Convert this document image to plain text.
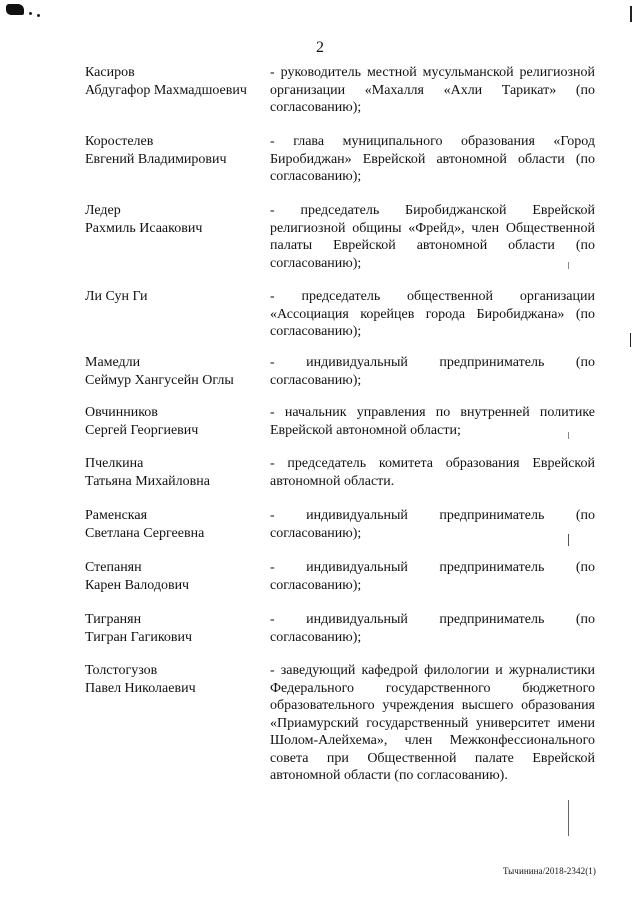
2
Касиров
Абдугафор Махмадшоевич
- руководитель местной мусульманской религиозной организации «Махалля «Ахли Тарикат» (по согласованию);
Коростелев
Евгений Владимирович
- глава муниципального образования «Город Биробиджан» Еврейской автономной области (по согласованию);
Ледер
Рахмиль Исаакович
- председатель Биробиджанской Еврейской религиозной общины «Фрейд», член Общественной палаты Еврейской автономной области (по согласованию);
Ли Сун Ги	- председатель общественной организации «Ассоциация корейцев города Биробиджана» (по согласованию);
Мамедли
Сеймур Хангусейн Оглы
- индивидуальный предприниматель (по согласованию);
Овчинников
Сергей Георгиевич
- начальник управления по внутренней политике Еврейской автономной области;
Пчелкина
Татьяна Михайловна
- председатель комитета образования Еврейской автономной области.
Раменская
Светлана Сергеевна
- индивидуальный предприниматель (по согласованию);
Степанян
Карен Валодович
- индивидуальный предприниматель (по согласованию);
Тигранян
Тигран Гагикович
- индивидуальный предприниматель (по согласованию);
Толстогузов
Павел Николаевич
- заведующий кафедрой филологии и журналистики Федерального государственного бюджетного образовательного учреждения высшего образования «Приамурский государственный университет имени Шолом-Алейхема», член Межконфессионального совета при Общественной палате Еврейской автономной области (по согласованию).
Тычинина/2018-2342(1)
